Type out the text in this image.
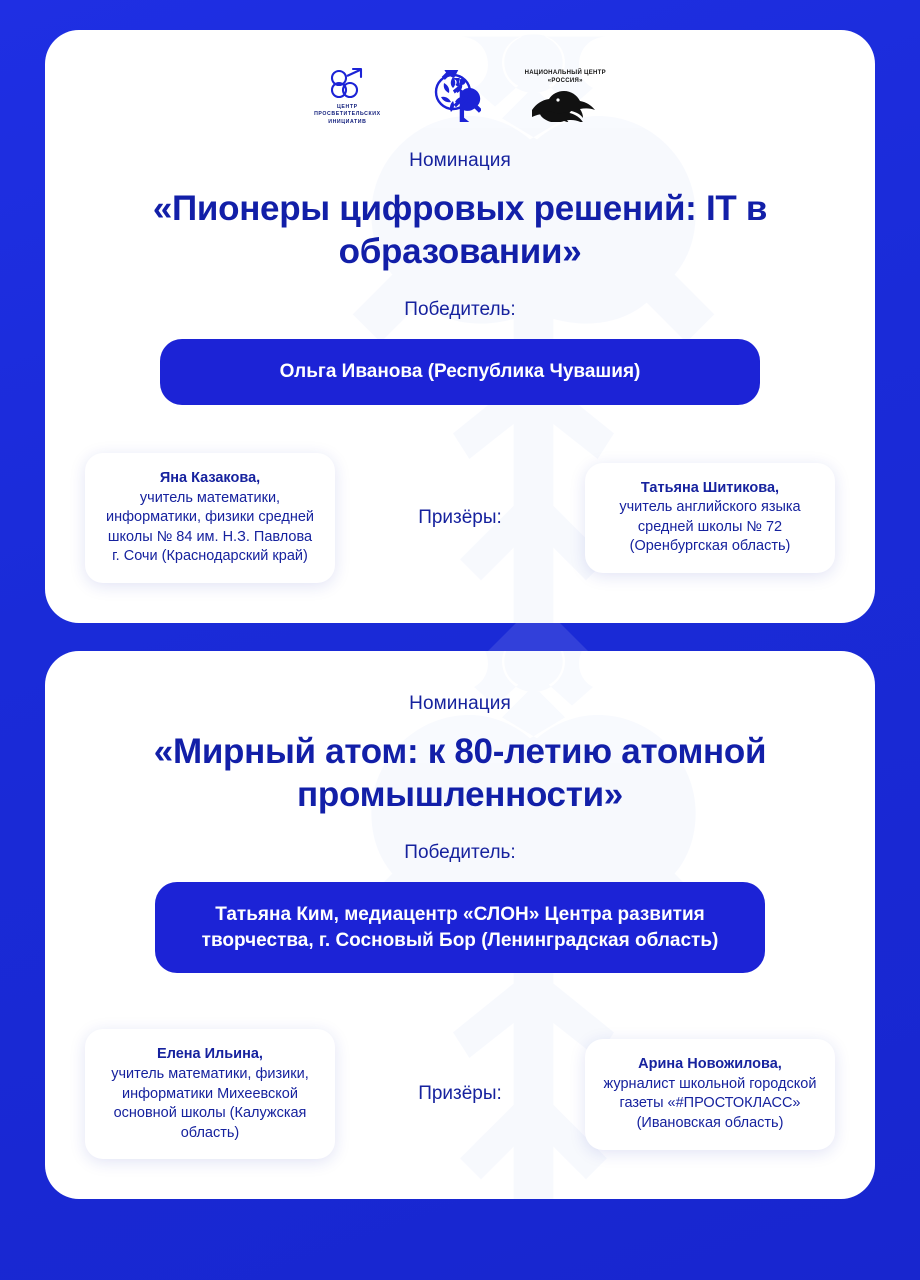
ЦЕНТР
ПРОСВЕТИТЕЛЬСКИХ
ИНИЦИАТИВ
НАЦИОНАЛЬНЫЙ ЦЕНТР
«РОССИЯ»
Номинация
«Пионеры цифровых решений: IT в образовании»
Победитель:
Ольга Иванова (Республика Чувашия)
Яна Казакова,
учитель математики, информатики, физики средней школы № 84 им. Н.З. Павлова г. Сочи (Краснодарский край)
Призёры:
Татьяна Шитикова,
учитель английского языка средней школы № 72 (Оренбургская область)
Номинация
«Мирный атом: к 80-летию атомной промышленности»
Победитель:
Татьяна Ким, медиацентр «СЛОН» Центра развития творчества, г. Сосновый Бор (Ленинградская область)
Елена Ильина,
учитель математики, физики, информатики Михеевской основной школы (Калужская область)
Призёры:
Арина Новожилова,
журналист школьной городской газеты «#ПРОСТОКЛАСС» (Ивановская область)
